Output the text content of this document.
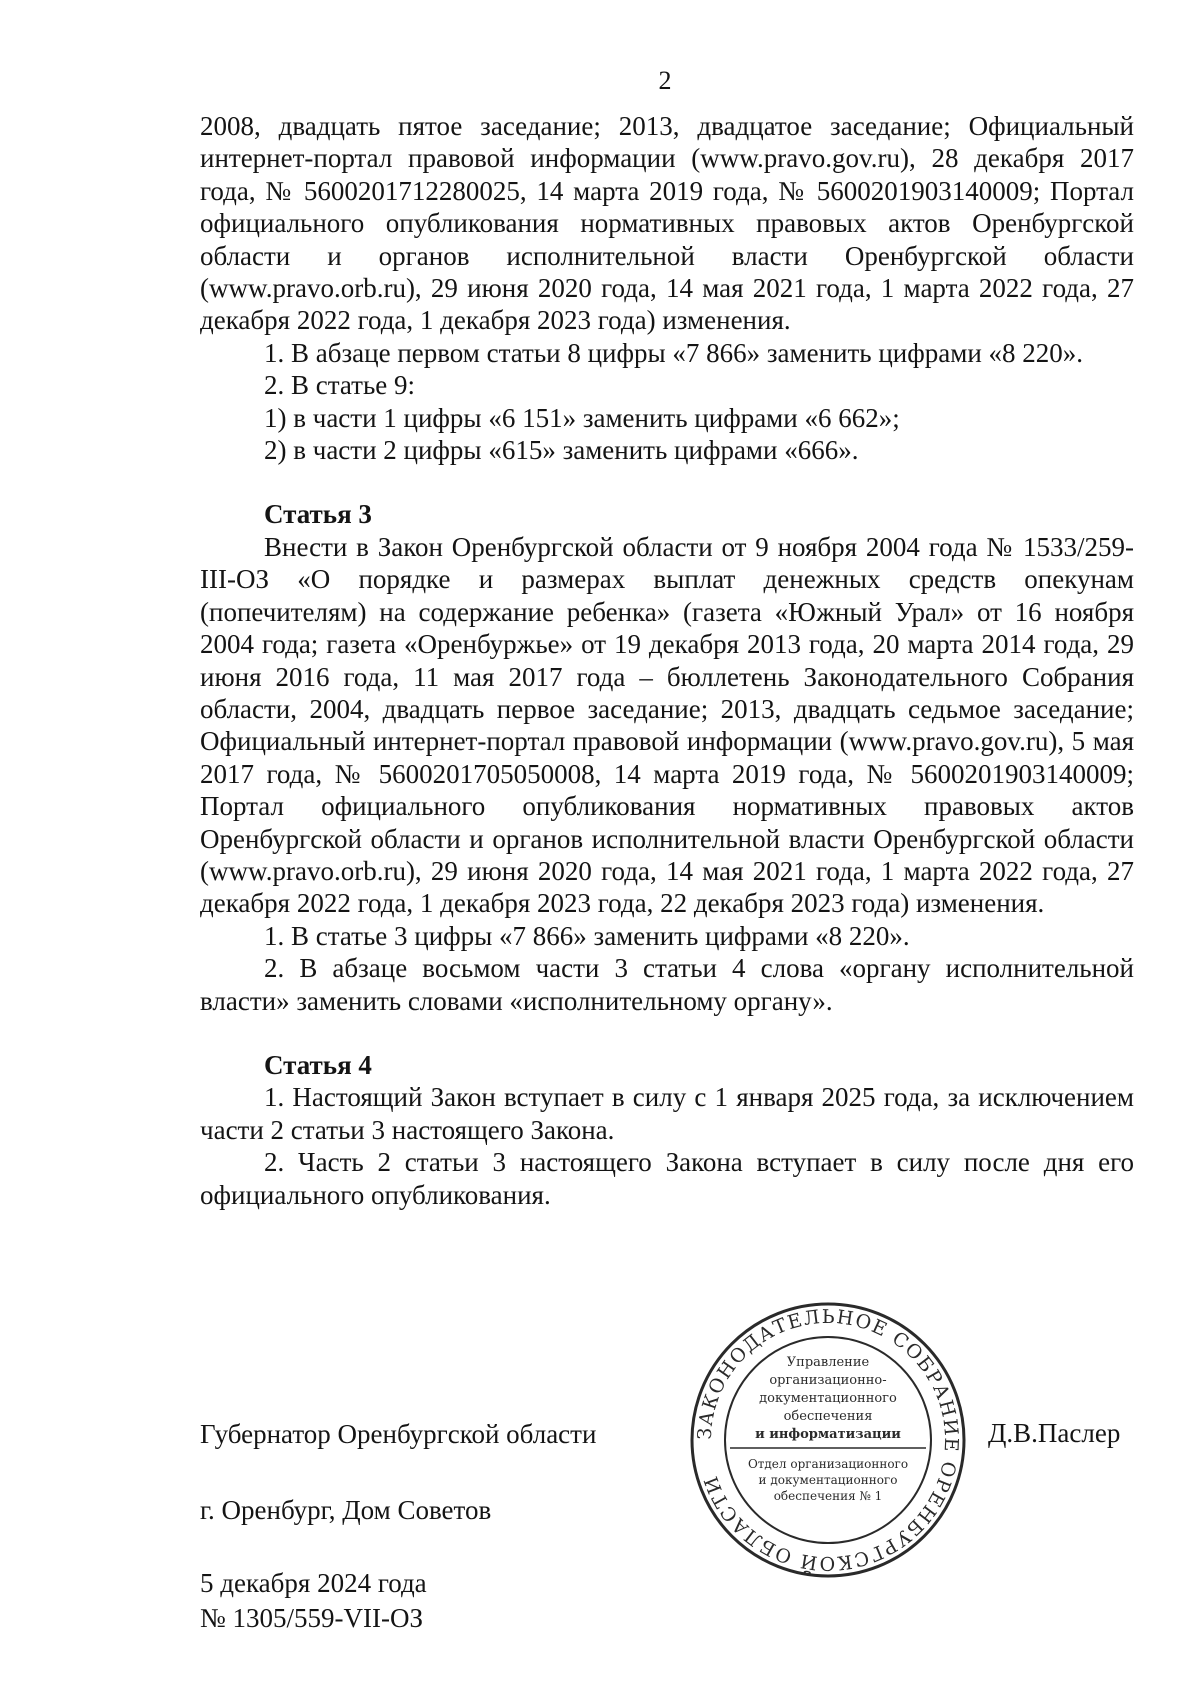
2

2008, двадцать пятое заседание; 2013, двадцатое заседание; Официальный интернет-портал правовой информации (www.pravo.gov.ru), 28 декабря 2017 года, № 5600201712280025, 14 марта 2019 года, № 5600201903140009; Портал официального опубликования нормативных правовых актов Оренбургской области и органов исполнительной власти Оренбургской области (www.pravo.orb.ru), 29 июня 2020 года, 14 мая 2021 года, 1 марта 2022 года, 27 декабря 2022 года, 1 декабря 2023 года) изменения.

1. В абзаце первом статьи 8 цифры «7 866» заменить цифрами «8 220».

2. В статье 9:

1) в части 1 цифры «6 151» заменить цифрами «6 662»;

2) в части 2 цифры «615» заменить цифрами «666».

Статья 3

Внести в Закон Оренбургской области от 9 ноября 2004 года № 1533/259-III-ОЗ «О порядке и размерах выплат денежных средств опекунам (попечителям) на содержание ребенка» (газета «Южный Урал» от 16 ноября 2004 года; газета «Оренбуржье» от 19 декабря 2013 года, 20 марта 2014 года, 29 июня 2016 года, 11 мая 2017 года – бюллетень Законодательного Собрания области, 2004, двадцать первое заседание; 2013, двадцать седьмое заседание; Официальный интернет-портал правовой информации (www.pravo.gov.ru), 5 мая 2017 года, № 5600201705050008, 14 марта 2019 года, № 5600201903140009; Портал официального опубликования нормативных правовых актов Оренбургской области и органов исполнительной власти Оренбургской области (www.pravo.orb.ru), 29 июня 2020 года, 14 мая 2021 года, 1 марта 2022 года, 27 декабря 2022 года, 1 декабря 2023 года, 22 декабря 2023 года) изменения.

1. В статье 3 цифры «7 866» заменить цифрами «8 220».

2. В абзаце восьмом части 3 статьи 4 слова «органу исполнительной власти» заменить словами «исполнительному органу».

Статья 4

1. Настоящий Закон вступает в силу с 1 января 2025 года, за исключением части 2 статьи 3 настоящего Закона.

2. Часть 2 статьи 3 настоящего Закона вступает в силу после дня его официального опубликования.

Губернатор Оренбургской области	Д.В.Паслер
г. Оренбург, Дом Советов
5 декабря 2024 года
№ 1305/559-VII-ОЗ
ЗАКОНОДАТЕЛЬНОЕ СОБРАНИЕ ОРЕНБУРГСКОЙ ОБЛАСТИ
Управление
организационно-
документационного
обеспечения
и информатизации
Отдел организационного
и документационного
обеспечения № 1
